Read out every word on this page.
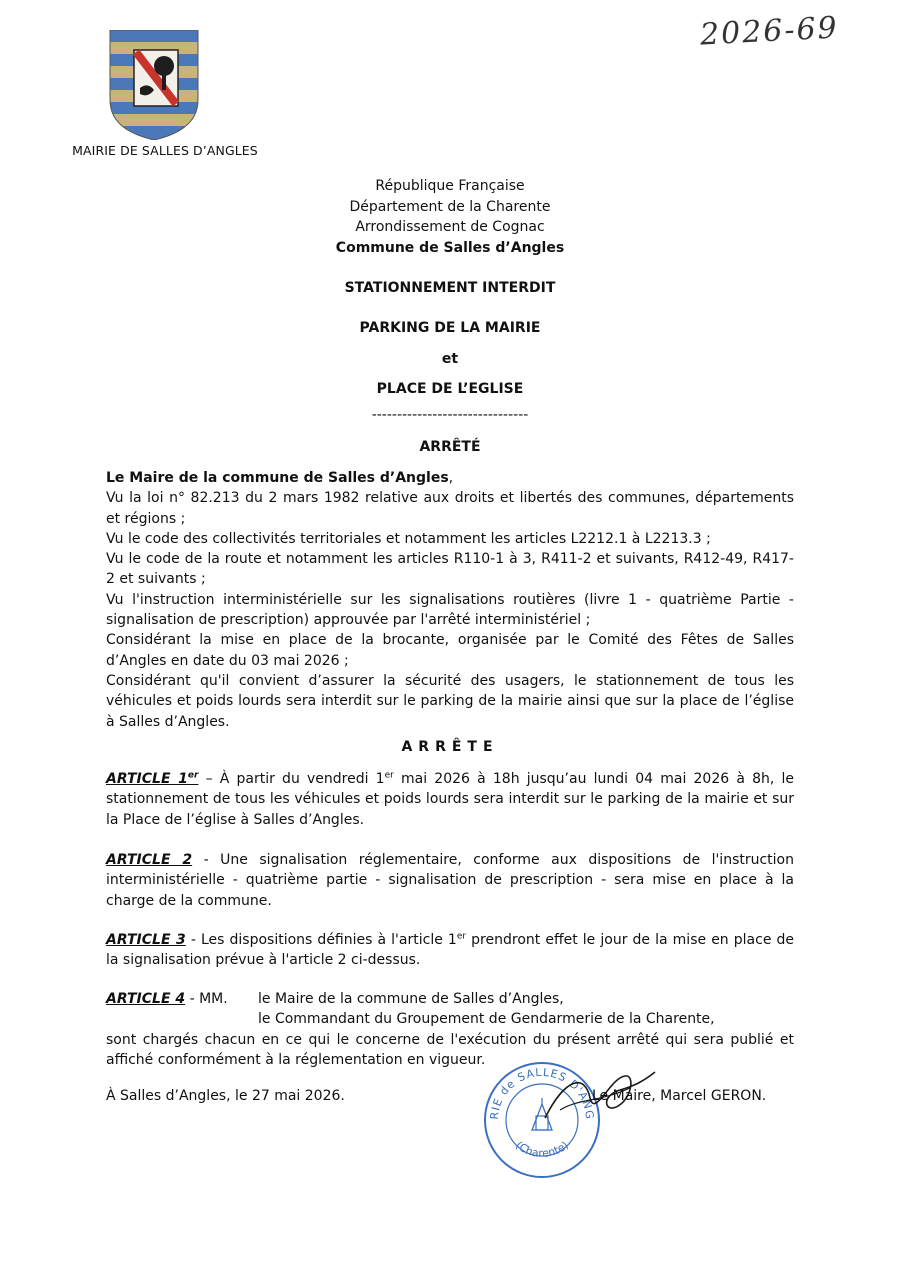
MAIRIE DE SALLES D’ANGLES
2026-69
République Française
Département de la Charente
Arrondissement de Cognac
Commune de Salles d’Angles
STATIONNEMENT INTERDIT
PARKING DE LA MAIRIE
et
PLACE DE L’EGLISE
-------------------------------
ARRÊTÉ

Le Maire de la commune de Salles d’Angles,

Vu la loi n° 82.213 du 2 mars 1982 relative aux droits et libertés des communes, départements et régions ;

Vu le code des collectivités territoriales et notamment les articles L2212.1 à L2213.3 ;

Vu le code de la route et notamment les articles R110-1 à 3, R411-2 et suivants, R412-49, R417- 2 et suivants ;

Vu l'instruction interministérielle sur les signalisations routières (livre 1 - quatrième Partie - signalisation de prescription) approuvée par l'arrêté interministériel ;

Considérant la mise en place de la brocante, organisée par le Comité des Fêtes de Salles d’Angles en date du 03 mai 2026 ;

Considérant qu'il convient d’assurer la sécurité des usagers, le stationnement de tous les véhicules et poids lourds sera interdit sur le parking de la mairie ainsi que sur la place de l’église à Salles d’Angles.

ARRÊTE

ARTICLE 1er – À partir du vendredi 1er mai 2026 à 18h jusqu’au lundi 04 mai 2026 à 8h, le stationnement de tous les véhicules et poids lourds sera interdit sur le parking de la mairie et sur la Place de l’église à Salles d’Angles.

ARTICLE 2 - Une signalisation réglementaire, conforme aux dispositions de l'instruction interministérielle - quatrième partie - signalisation de prescription - sera mise en place à la charge de la commune.

ARTICLE 3 - Les dispositions définies à l'article 1er prendront effet le jour de la mise en place de la signalisation prévue à l'article 2 ci-dessus.

ARTICLE 4 - MM.	le Maire de la commune de Salles d’Angles,

le Commandant du Groupement de Gendarmerie de la Charente,

sont chargés chacun en ce qui le concerne de l'exécution du présent arrêté qui sera publié et affiché conformément à la réglementation en vigueur.

À Salles d’Angles, le 27 mai 2026.
RIE de SALLES D'ANG
(Charente)
Le Maire, Marcel GERON.
